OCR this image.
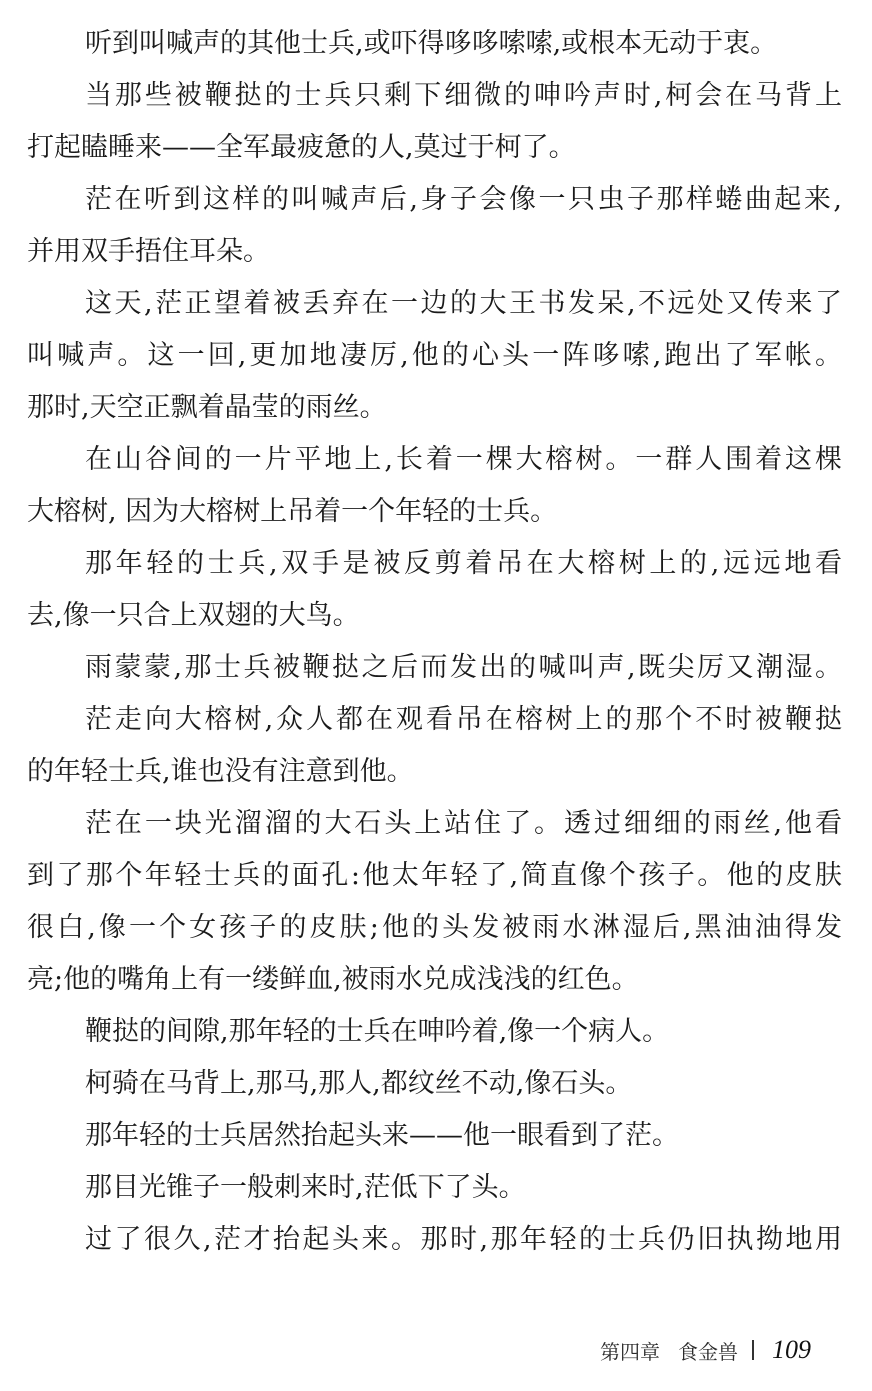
听到叫喊声的其他士兵,或吓得哆哆嗦嗦,或根本无动于衷。
当那些被鞭挞的士兵只剩下细微的呻吟声时,柯会在马背上
打起瞌睡来——全军最疲惫的人,莫过于柯了。
茫在听到这样的叫喊声后,身子会像一只虫子那样蜷曲起来,
并用双手捂住耳朵。
这天,茫正望着被丢弃在一边的大王书发呆,不远处又传来了
叫喊声。这一回,更加地凄厉,他的心头一阵哆嗦,跑出了军帐。
那时,天空正飘着晶莹的雨丝。
在山谷间的一片平地上,长着一棵大榕树。一群人围着这棵
大榕树, 因为大榕树上吊着一个年轻的士兵。
那年轻的士兵,双手是被反剪着吊在大榕树上的,远远地看
去,像一只合上双翅的大鸟。
雨蒙蒙,那士兵被鞭挞之后而发出的喊叫声,既尖厉又潮湿。
茫走向大榕树,众人都在观看吊在榕树上的那个不时被鞭挞
的年轻士兵,谁也没有注意到他。
茫在一块光溜溜的大石头上站住了。透过细细的雨丝,他看
到了那个年轻士兵的面孔:他太年轻了,简直像个孩子。他的皮肤
很白,像一个女孩子的皮肤;他的头发被雨水淋湿后,黑油油得发
亮;他的嘴角上有一缕鲜血,被雨水兑成浅浅的红色。
鞭挞的间隙,那年轻的士兵在呻吟着,像一个病人。
柯骑在马背上,那马,那人,都纹丝不动,像石头。
那年轻的士兵居然抬起头来——他一眼看到了茫。
那目光锥子一般刺来时,茫低下了头。
过了很久,茫才抬起头来。那时,那年轻的士兵仍旧执拗地用
第四章 食金兽 109
